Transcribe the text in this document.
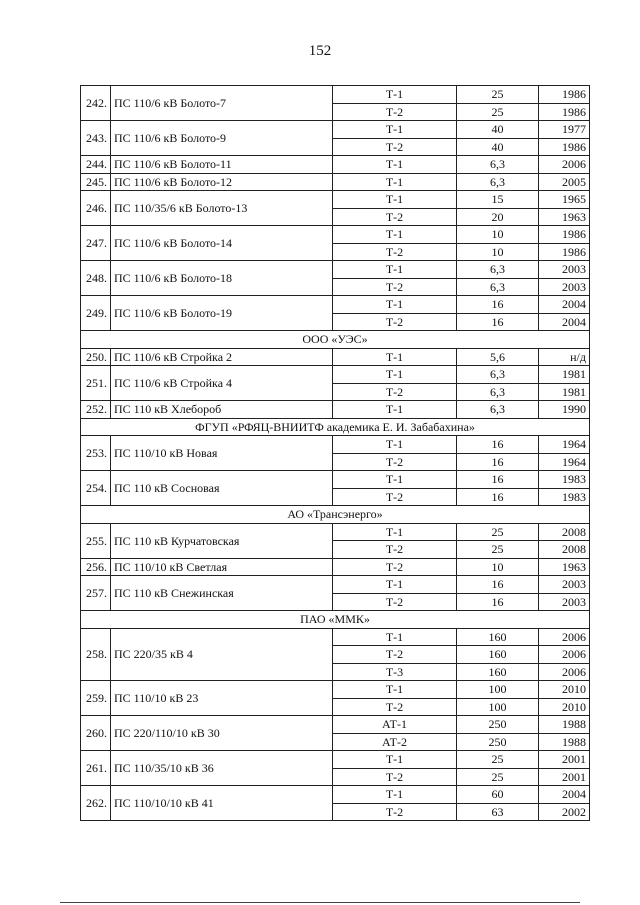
152
242.	ПС 110/6 кВ Болото-7	Т-1	25	1986
		Т-2	25	1986
243.	ПС 110/6 кВ Болото-9	Т-1	40	1977
		Т-2	40	1986
244.	ПС 110/6 кВ Болото-11	Т-1	6,3	2006
245.	ПС 110/6 кВ Болото-12	Т-1	6,3	2005
246.	ПС 110/35/6 кВ Болото-13	Т-1	15	1965
		Т-2	20	1963
247.	ПС 110/6 кВ Болото-14	Т-1	10	1986
		Т-2	10	1986
248.	ПС 110/6 кВ Болото-18	Т-1	6,3	2003
		Т-2	6,3	2003
249.	ПС 110/6 кВ Болото-19	Т-1	16	2004
		Т-2	16	2004
ООО «УЭС»				
250.	ПС 110/6 кВ Стройка 2	Т-1	5,6	н/д
251.	ПС 110/6 кВ Стройка 4	Т-1	6,3	1981
		Т-2	6,3	1981
252.	ПС 110 кВ Хлебороб	Т-1	6,3	1990
ФГУП «РФЯЦ-ВНИИТФ академика Е. И. Забабахина»				
253.	ПС 110/10 кВ Новая	Т-1	16	1964
		Т-2	16	1964
254.	ПС 110 кВ Сосновая	Т-1	16	1983
		Т-2	16	1983
АО «Трансэнерго»				
255.	ПС 110 кВ Курчатовская	Т-1	25	2008
		Т-2	25	2008
256.	ПС 110/10 кВ Светлая	Т-2	10	1963
257.	ПС 110 кВ Снежинская	Т-1	16	2003
		Т-2	16	2003
ПАО «ММК»				
258.	ПС 220/35 кВ 4	Т-1	160	2006
		Т-2	160	2006
		Т-3	160	2006
259.	ПС 110/10 кВ 23	Т-1	100	2010
		Т-2	100	2010
260.	ПС 220/110/10 кВ 30	АТ-1	250	1988
		АТ-2	250	1988
261.	ПС 110/35/10 кВ 36	Т-1	25	2001
		Т-2	25	2001
262.	ПС 110/10/10 кВ 41	Т-1	60	2004
		Т-2	63	2002
